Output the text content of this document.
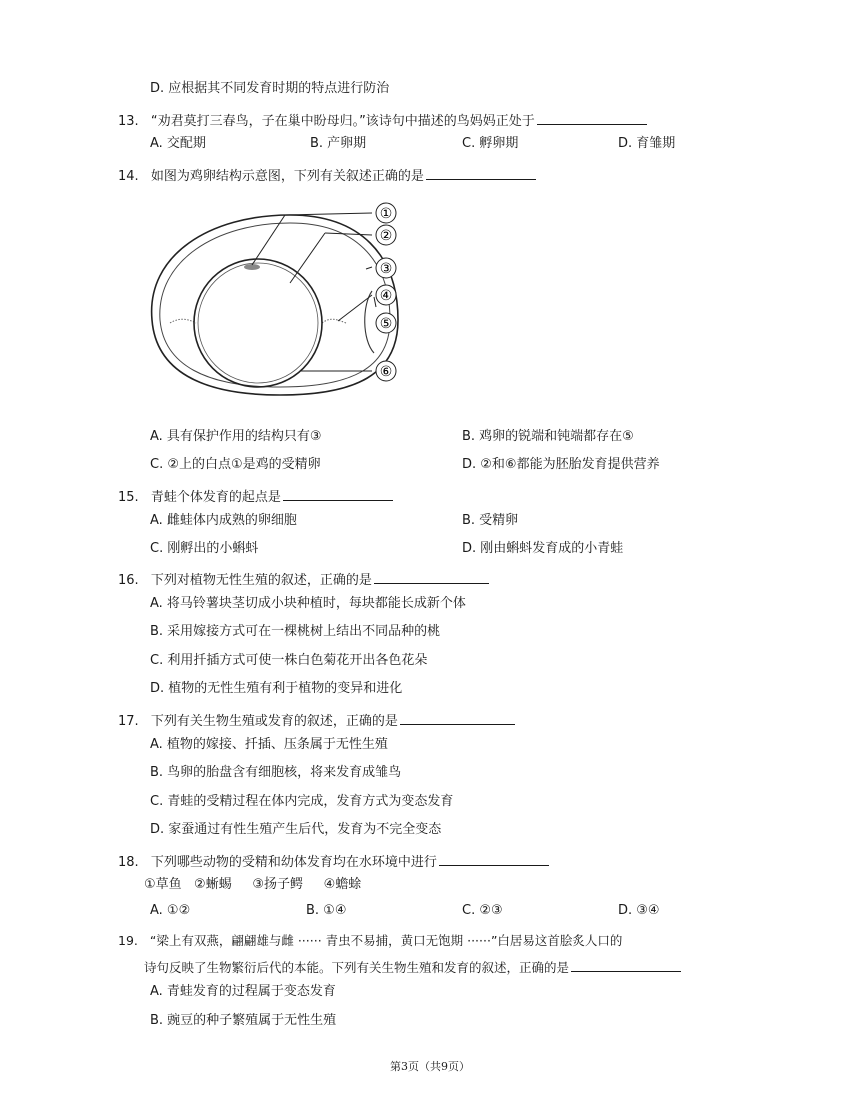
D. 应根据其不同发育时期的特点进行防治
13. “劝君莫打三春鸟，子在巢中盼母归。”该诗句中描述的鸟妈妈正处于
A. 交配期	B. 产卵期	C. 孵卵期	D. 育雏期
14. 如图为鸡卵结构示意图，下列有关叙述正确的是
①
②
③
④
⑤
⑥
A. 具有保护作用的结构只有③	B. 鸡卵的锐端和钝端都存在⑤
C. ②上的白点①是鸡的受精卵	D. ②和⑥都能为胚胎发育提供营养
15. 青蛙个体发育的起点是
A. 雌蛙体内成熟的卵细胞	B. 受精卵
C. 刚孵出的小蝌蚪	D. 刚由蝌蚪发育成的小青蛙
16. 下列对植物无性生殖的叙述，正确的是
A. 将马铃薯块茎切成小块种植时，每块都能长成新个体
B. 采用嫁接方式可在一棵桃树上结出不同品种的桃
C. 利用扦插方式可使一株白色菊花开出各色花朵
D. 植物的无性生殖有利于植物的变异和进化
17. 下列有关生物生殖或发育的叙述，正确的是
A. 植物的嫁接、扦插、压条属于无性生殖
B. 鸟卵的胎盘含有细胞核，将来发育成雏鸟
C. 青蛙的受精过程在体内完成，发育方式为变态发育
D. 家蚕通过有性生殖产生后代，发育为不完全变态
18. 下列哪些动物的受精和幼体发育均在水环境中进行
①草鱼   ②蜥蜴     ③扬子鳄     ④蟾蜍
A. ①②	B. ①④	C. ②③	D. ③④
19. “梁上有双燕，翩翩雄与雌 ······ 青虫不易捕，黄口无饱期 ······”白居易这首脍炙人口的
诗句反映了生物繁衍后代的本能。下列有关生物生殖和发育的叙述，正确的是
A. 青蛙发育的过程属于变态发育
B. 豌豆的种子繁殖属于无性生殖
第3页（共9页）
